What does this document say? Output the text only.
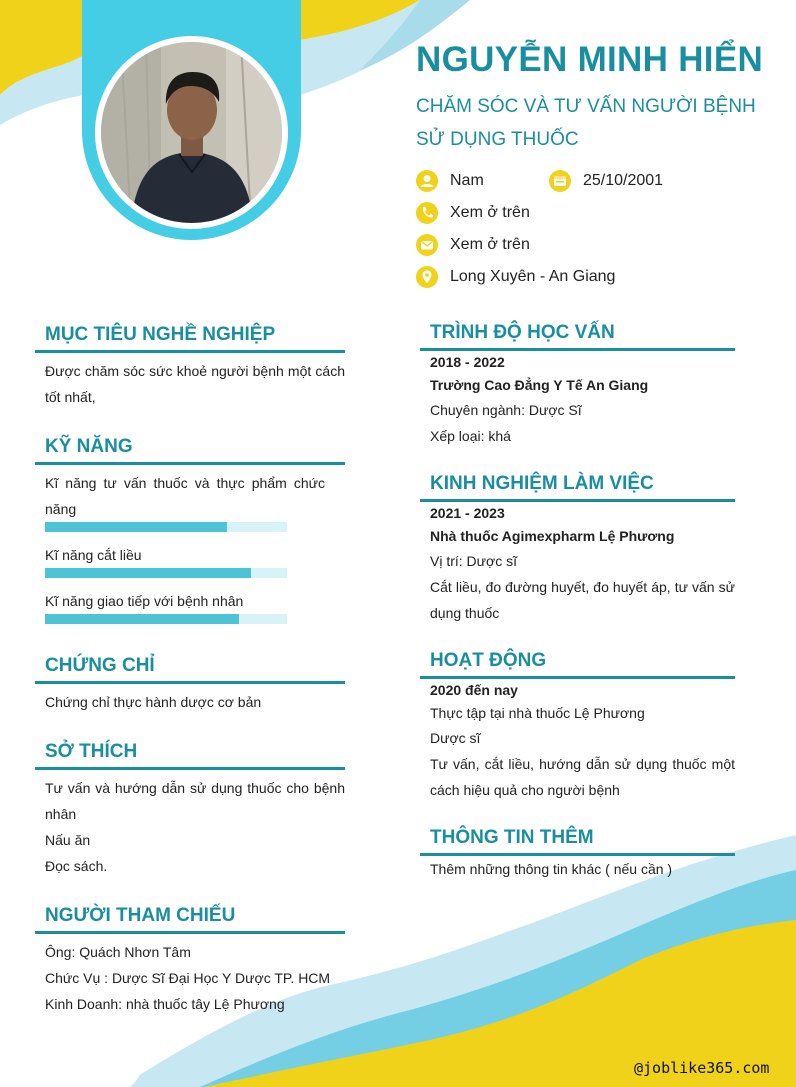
NGUYỄN MINH HIỂN
CHĂM SÓC VÀ TƯ VẤN NGƯỜI BỆNH SỬ DỤNG THUỐC
Nam	25/10/2001
Xem ở trên
Xem ở trên
Long Xuyên - An Giang
MỤC TIÊU NGHỀ NGHIỆP
Được chăm sóc sức khoẻ người bệnh một cách tốt nhất,
KỸ NĂNG
Kĩ năng tư vấn thuốc và thực phẩm chức năng
Kĩ năng cắt liều
Kĩ năng giao tiếp với bệnh nhân
CHỨNG CHỈ
Chứng chỉ thực hành dược cơ bản
SỞ THÍCH
Tư vấn và hướng dẫn sử dụng thuốc cho bệnh nhân
Nấu ăn
Đọc sách.
NGƯỜI THAM CHIẾU
Ông: Quách Nhơn Tâm
Chức Vụ : Dược Sĩ Đại Học Y Dược TP. HCM
Kinh Doanh: nhà thuốc tây Lệ Phương
TRÌNH ĐỘ HỌC VẤN
2018 - 2022
Trường Cao Đẳng Y Tế An Giang
Chuyên ngành: Dược Sĩ
Xếp loại: khá
KINH NGHIỆM LÀM VIỆC
2021 - 2023
Nhà thuốc Agimexpharm Lệ Phương
Vị trí: Dược sĩ
Cắt liều, đo đường huyết, đo huyết áp, tư vấn sử dụng thuốc
HOẠT ĐỘNG
2020 đến nay
Thực tập tại nhà thuốc Lệ Phương
Dược sĩ
Tư vấn, cắt liều, hướng dẫn sử dụng thuốc một cách hiệu quả cho người bệnh
THÔNG TIN THÊM
Thêm những thông tin khác ( nếu cần )
@joblike365.com
